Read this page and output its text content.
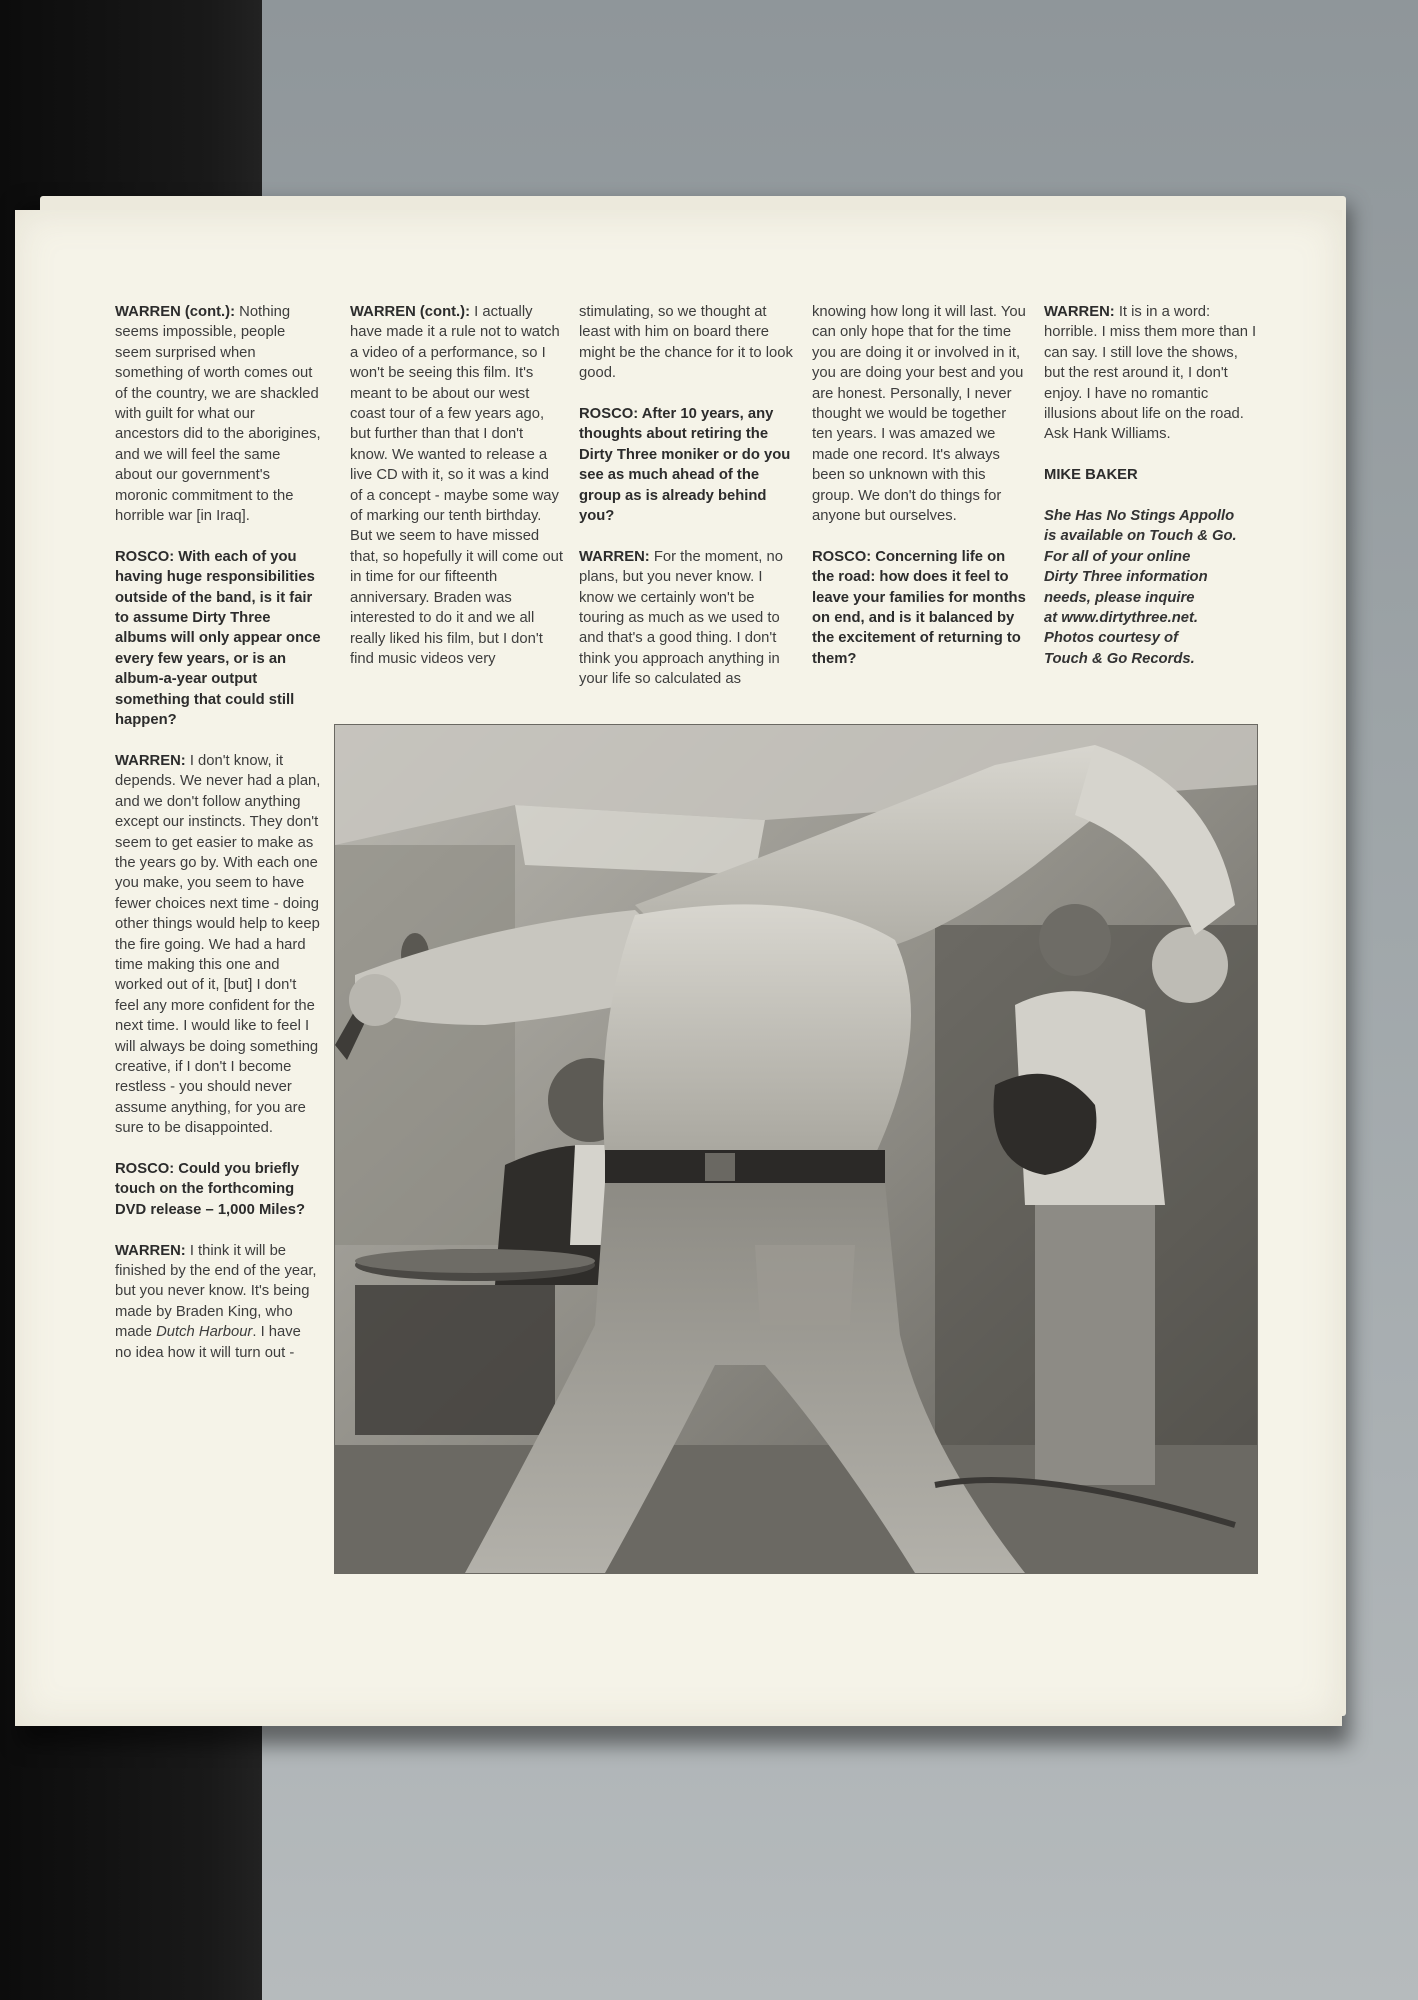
WARREN (cont.): Nothing seems impossible, people seem surprised when something of worth comes out of the country, we are shackled with guilt for what our ancestors did to the aborigines, and we will feel the same about our government's moronic commitment to the horrible war [in Iraq].

ROSCO: With each of you having huge responsibilities outside of the band, is it fair to assume Dirty Three albums will only appear once every few years, or is an album-a-year output something that could still happen?

WARREN: I don't know, it depends. We never had a plan, and we don't follow anything except our instincts. They don't seem to get easier to make as the years go by. With each one you make, you seem to have fewer choices next time - doing other things would help to keep the fire going. We had a hard time making this one and worked out of it, [but] I don't feel any more confident for the next time. I would like to feel I will always be doing something creative, if I don't I become restless - you should never assume anything, for you are sure to be disappointed.

ROSCO: Could you briefly touch on the forthcoming DVD release – 1,000 Miles?

WARREN: I think it will be finished by the end of the year, but you never know. It's being made by Braden King, who made Dutch Harbour. I have no idea how it will turn out -

WARREN (cont.): I actually have made it a rule not to watch a video of a performance, so I won't be seeing this film. It's meant to be about our west coast tour of a few years ago, but further than that I don't know. We wanted to release a live CD with it, so it was a kind of a concept - maybe some way of marking our tenth birthday. But we seem to have missed that, so hopefully it will come out in time for our fifteenth anniversary. Braden was interested to do it and we all really liked his film, but I don't find music videos very

stimulating, so we thought at least with him on board there might be the chance for it to look good.

ROSCO: After 10 years, any thoughts about retiring the Dirty Three moniker or do you see as much ahead of the group as is already behind you?

WARREN: For the moment, no plans, but you never know. I know we certainly won't be touring as much as we used to and that's a good thing. I don't think you approach anything in your life so calculated as

knowing how long it will last. You can only hope that for the time you are doing it or involved in it, you are doing your best and you are honest. Personally, I never thought we would be together ten years. I was amazed we made one record. It's always been so unknown with this group. We don't do things for anyone but ourselves.

ROSCO: Concerning life on the road: how does it feel to leave your families for months on end, and is it balanced by the excitement of returning to them?

WARREN: It is in a word: horrible. I miss them more than I can say. I still love the shows, but the rest around it, I don't enjoy. I have no romantic illusions about life on the road. Ask Hank Williams.

MIKE BAKER

She Has No Stings Appollo
is available on Touch & Go.
For all of your online
Dirty Three information
needs, please inquire
at www.dirtythree.net.
Photos courtesy of
Touch & Go Records.
